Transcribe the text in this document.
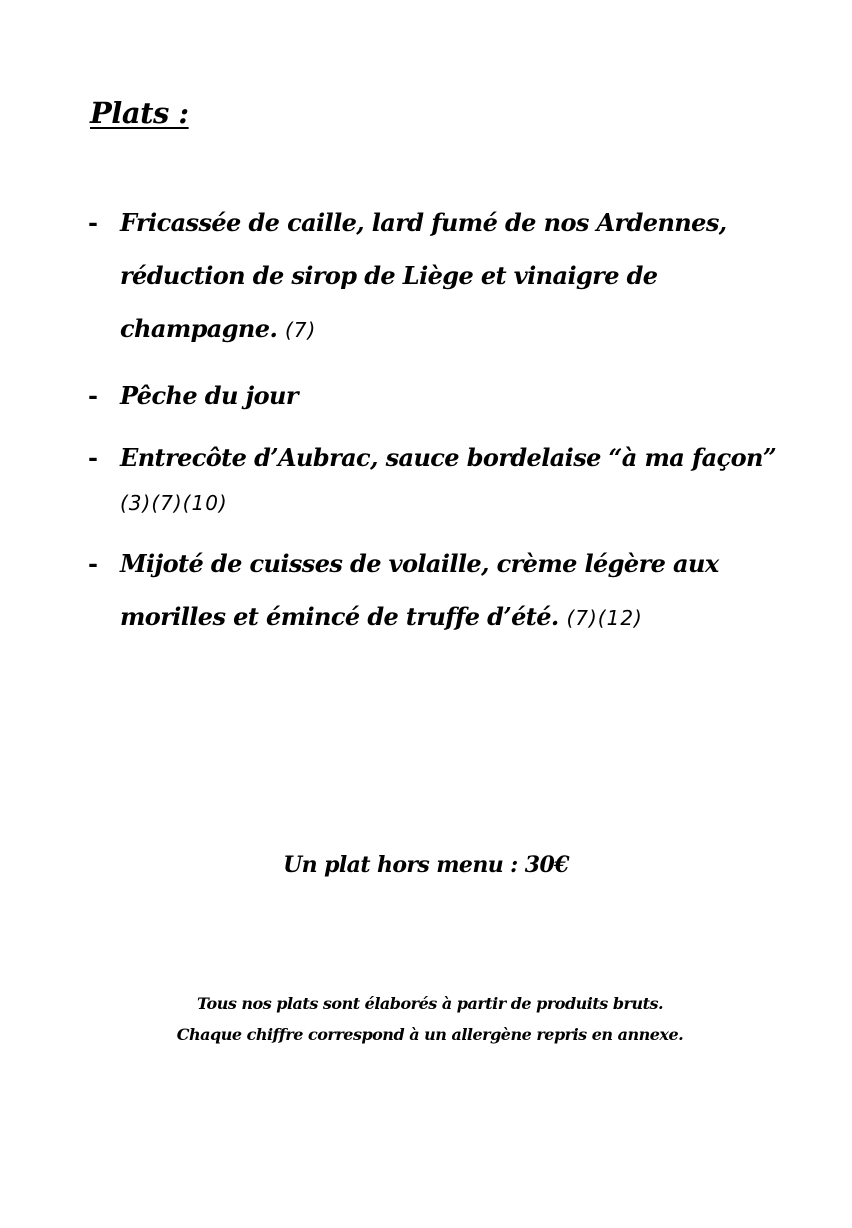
Plats :
- Fricassée de caille, lard fumé de nos Ardennes, réduction de sirop de Liège et vinaigre de champagne. (7)
- Pêche du jour
- Entrecôte d’Aubrac, sauce bordelaise “à ma façon” (3)(7)(10)
- Mijoté de cuisses de volaille, crème légère aux morilles et émincé de truffe d’été. (7)(12)
Un plat hors menu : 30€
Tous nos plats sont élaborés à partir de produits bruts.
Chaque chiffre correspond à un allergène repris en annexe.
